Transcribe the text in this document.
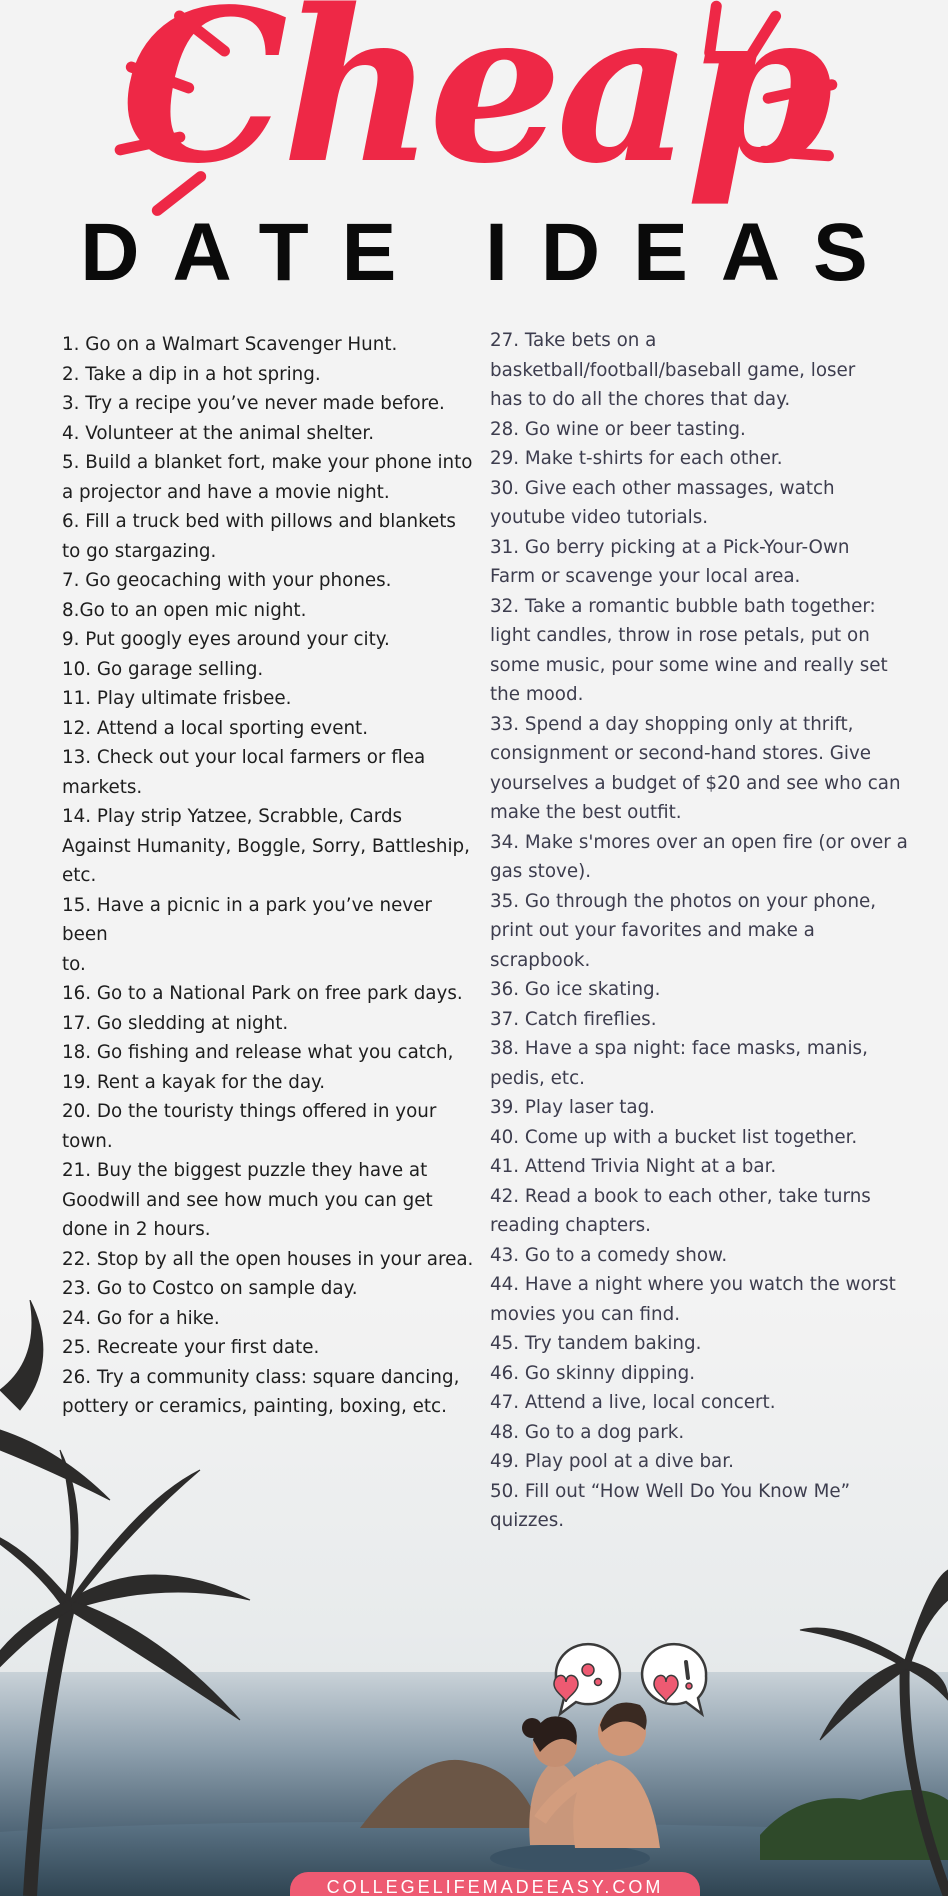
Cheap
DATE IDEAS
1. Go on a Walmart Scavenger Hunt.
2. Take a dip in a hot spring.
3. Try a recipe you’ve never made before.
4. Volunteer at the animal shelter.
5. Build a blanket fort, make your phone into
a projector and have a movie night.
6. Fill a truck bed with pillows and blankets
to go stargazing.
7. Go geocaching with your phones.
8.Go to an open mic night.
9. Put googly eyes around your city.
10. Go garage selling.
11. Play ultimate frisbee.
12. Attend a local sporting event.
13. Check out your local farmers or flea
markets.
14. Play strip Yatzee, Scrabble, Cards
Against Humanity, Boggle, Sorry, Battleship,
etc.
15. Have a picnic in a park you’ve never been
to.
16. Go to a National Park on free park days.
17. Go sledding at night.
18. Go fishing and release what you catch,
19. Rent a kayak for the day.
20. Do the touristy things offered in your
town.
21. Buy the biggest puzzle they have at
Goodwill and see how much you can get
done in 2 hours.
22. Stop by all the open houses in your area.
23. Go to Costco on sample day.
24. Go for a hike.
25. Recreate your first date.
26. Try a community class: square dancing,
pottery or ceramics, painting, boxing, etc.
27. Take bets on a
basketball/football/baseball game, loser
has to do all the chores that day.
28. Go wine or beer tasting.
29. Make t-shirts for each other.
30. Give each other massages, watch
youtube video tutorials.
31. Go berry picking at a Pick-Your-Own
Farm or scavenge your local area.
32. Take a romantic bubble bath together:
light candles, throw in rose petals, put on
some music, pour some wine and really set
the mood.
33. Spend a day shopping only at thrift,
consignment or second-hand stores. Give
yourselves a budget of $20 and see who can
make the best outfit.
34. Make s'mores over an open fire (or over a
gas stove).
35. Go through the photos on your phone,
print out your favorites and make a
scrapbook.
36. Go ice skating.
37. Catch fireflies.
38. Have a spa night: face masks, manis,
pedis, etc.
39. Play laser tag.
40. Come up with a bucket list together.
41. Attend Trivia Night at a bar.
42. Read a book to each other, take turns
reading chapters.
43. Go to a comedy show.
44. Have a night where you watch the worst
movies you can find.
45. Try tandem baking.
46. Go skinny dipping.
47. Attend a live, local concert.
48. Go to a dog park.
49. Play pool at a dive bar.
50. Fill out “How Well Do You Know Me”
quizzes.
COLLEGELIFEMADEEASY.COM
